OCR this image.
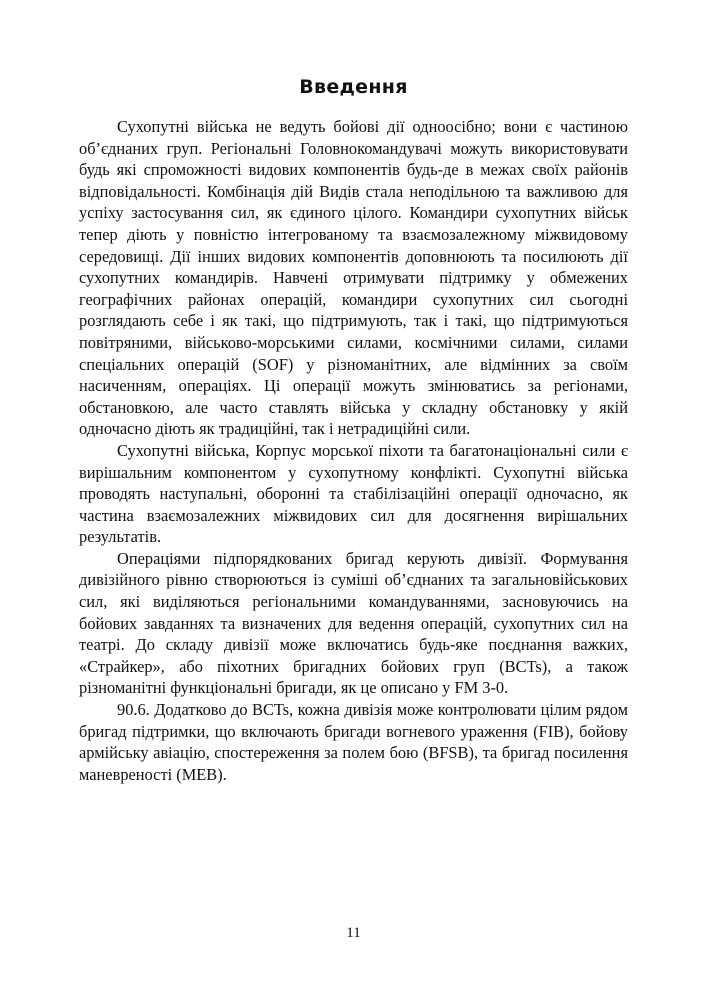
Введення

Сухопутні війська не ведуть бойові дії одноосібно; вони є частиною об’єднаних груп. Регіональні Головнокомандувачі можуть використовувати будь які спроможності видових компонентів будь-де в межах своїх районів відповідальності. Комбінація дій Видів стала неподільною та важливою для успіху застосування сил, як єдиного цілого. Командири сухопутних військ тепер діють у повністю інтегрованому та взаємозалежному міжвидовому середовищі. Дії інших видових компонентів доповнюють та посилюють дії сухопутних командирів. Навчені отримувати підтримку у обмежених географічних районах операцій, командири сухопутних сил сьогодні розглядають себе і як такі, що підтримують, так і такі, що підтримуються повітряними, військово-морськими силами, космічними силами, силами спеціальних операцій (SOF) у різноманітних, але відмінних за своїм насиченням, операціях. Ці операції можуть змінюватись за регіонами, обстановкою, але часто ставлять війська у складну обстановку у якій одночасно діють як традиційні, так і нетрадиційні сили.

Сухопутні війська, Корпус морської піхоти та багатонаціональні сили є вирішальним компонентом у сухопутному конфлікті. Сухопутні війська проводять наступальні, оборонні та стабілізаційні операції одночасно, як частина взаємозалежних міжвидових сил для досягнення вирішальних результатів.

Операціями підпорядкованих бригад керують дивізії. Формування дивізійного рівню створюються із суміші об’єднаних та загальновійськових сил, які виділяються регіональними командуваннями, засновуючись на бойових завданнях та визначених для ведення операцій, сухопутних сил на театрі. До складу дивізії може включатись будь-яке поєднання важких, «Страйкер», або піхотних бригадних бойових груп (BCTs), а також різноманітні функціональні бригади, як це описано у FM 3-0.

90.6. Додатково до BCTs, кожна дивізія може контролювати цілим рядом бригад підтримки, що включають бригади вогневого ураження (FIB), бойову армійську авіацію, спостереження за полем бою (BFSB), та бригад посилення маневреності (MEB).

11
